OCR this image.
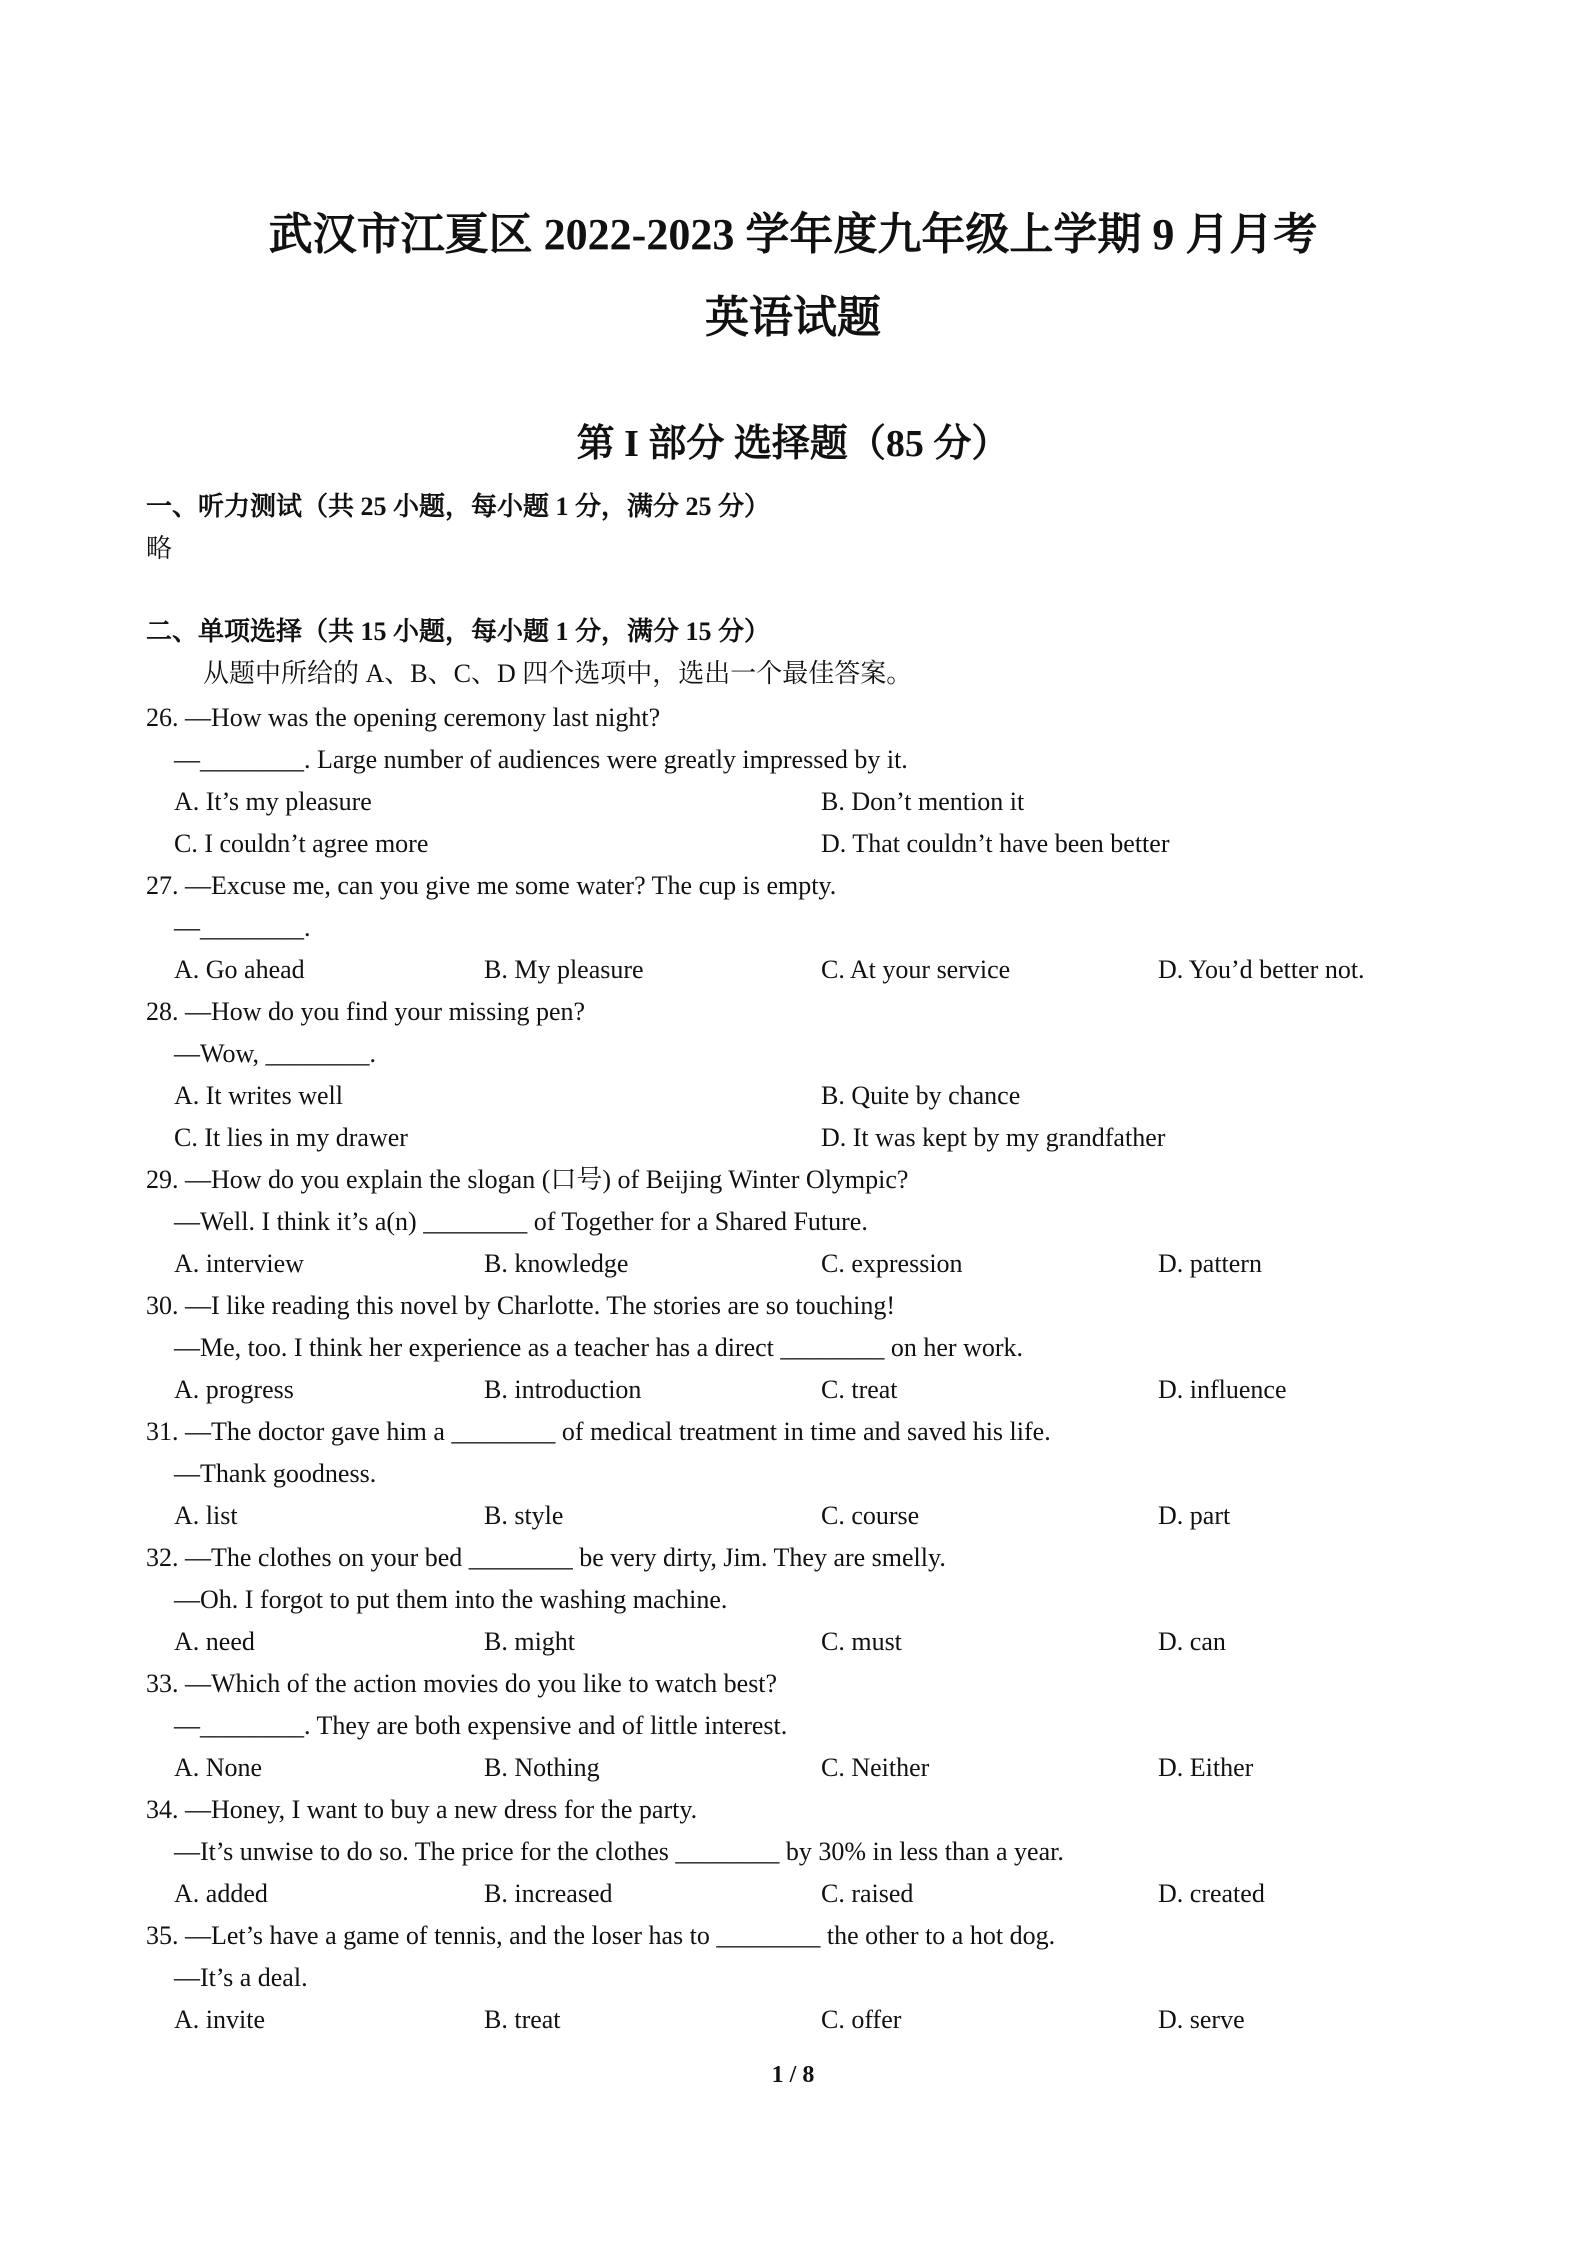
武汉市江夏区 2022-2023 学年度九年级上学期 9 月月考
英语试题
第 I 部分 选择题（85 分）
一、听力测试（共 25 小题，每小题 1 分，满分 25 分）
略
二、单项选择（共 15 小题，每小题 1 分，满分 15 分）
从题中所给的 A、B、C、D 四个选项中，选出一个最佳答案。
26. —How was the opening ceremony last night?
—________. Large number of audiences were greatly impressed by it.
A. It’s my pleasure	B. Don’t mention it
C. I couldn’t agree more	D. That couldn’t have been better
27. —Excuse me, can you give me some water? The cup is empty.
—________.
A. Go ahead	B. My pleasure	C. At your service	D. You’d better not.
28. —How do you find your missing pen?
—Wow, ________.
A. It writes well	B. Quite by chance
C. It lies in my drawer	D. It was kept by my grandfather
29. —How do you explain the slogan (口号) of Beijing Winter Olympic?
—Well. I think it’s a(n) ________ of Together for a Shared Future.
A. interview	B. knowledge	C. expression	D. pattern
30. —I like reading this novel by Charlotte. The stories are so touching!
—Me, too. I think her experience as a teacher has a direct ________ on her work.
A. progress	B. introduction	C. treat	D. influence
31. —The doctor gave him a ________ of medical treatment in time and saved his life.
—Thank goodness.
A. list	B. style	C. course	D. part
32. —The clothes on your bed ________ be very dirty, Jim. They are smelly.
—Oh. I forgot to put them into the washing machine.
A. need	B. might	C. must	D. can
33. —Which of the action movies do you like to watch best?
—________. They are both expensive and of little interest.
A. None	B. Nothing	C. Neither	D. Either
34. —Honey, I want to buy a new dress for the party.
—It’s unwise to do so. The price for the clothes ________ by 30% in less than a year.
A. added	B. increased	C. raised	D. created
35. —Let’s have a game of tennis, and the loser has to ________ the other to a hot dog.
—It’s a deal.
A. invite	B. treat	C. offer	D. serve
1 / 8
